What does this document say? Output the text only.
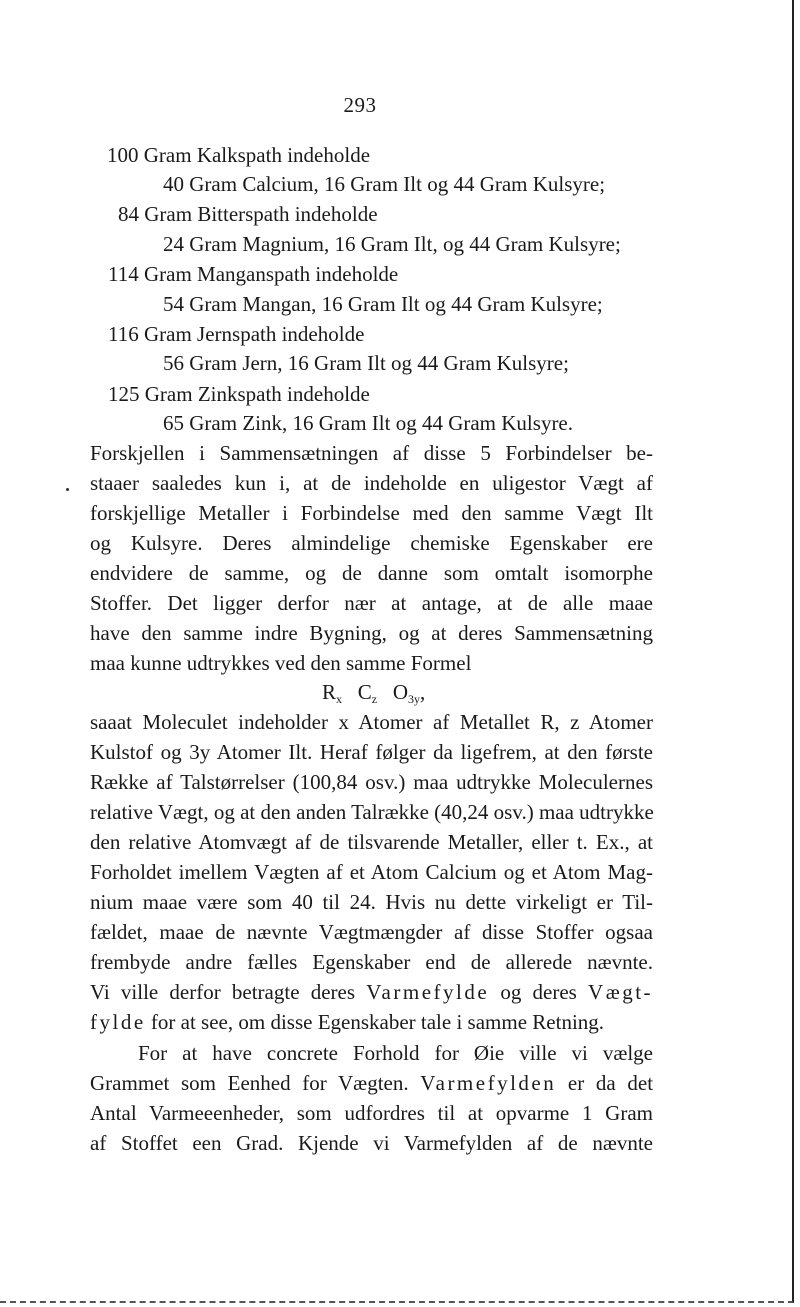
293
100 Gram Kalkspath indeholde
40 Gram Calcium, 16 Gram Ilt og 44 Gram Kulsyre;
84 Gram Bitterspath indeholde
24 Gram Magnium, 16 Gram Ilt, og 44 Gram Kulsyre;
114 Gram Manganspath indeholde
54 Gram Mangan, 16 Gram Ilt og 44 Gram Kulsyre;
116 Gram Jernspath indeholde
56 Gram Jern, 16 Gram Ilt og 44 Gram Kulsyre;
125 Gram Zinkspath indeholde
65 Gram Zink, 16 Gram Ilt og 44 Gram Kulsyre.
Forskjellen i Sammensætningen af disse 5 Forbindelser be-
staaer saaledes kun i, at de indeholde en uligestor Vægt af
forskjellige Metaller i Forbindelse med den samme Vægt Ilt
og Kulsyre. Deres almindelige chemiske Egenskaber ere
endvidere de samme, og de danne som omtalt isomorphe
Stoffer. Det ligger derfor nær at antage, at de alle maae
have den samme indre Bygning, og at deres Sammensætning
maa kunne udtrykkes ved den samme Formel
$R_x$ $C_z$ $O_{3y}$,
saaat Moleculet indeholder x Atomer af Metallet R, z Atomer
Kulstof og 3y Atomer Ilt. Heraf følger da ligefrem, at den første
Række af Talstørrelser (100,84 osv.) maa udtrykke Moleculernes
relative Vægt, og at den anden Talrække (40,24 osv.) maa udtrykke
den relative Atomvægt af de tilsvarende Metaller, eller t. Ex., at
Forholdet imellem Vægten af et Atom Calcium og et Atom Mag-
nium maae være som 40 til 24. Hvis nu dette virkeligt er Til-
fældet, maae de nævnte Vægtmængder af disse Stoffer ogsaa
frembyde andre fælles Egenskaber end de allerede nævnte.
Vi ville derfor betragte deres Varmefylde og deres Vægt-
fylde for at see, om disse Egenskaber tale i samme Retning.
For at have concrete Forhold for Øie ville vi vælge
Grammet som Eenhed for Vægten. Varmefylden er da det
Antal Varmeeenheder, som udfordres til at opvarme 1 Gram
af Stoffet een Grad. Kjende vi Varmefylden af de nævnte
